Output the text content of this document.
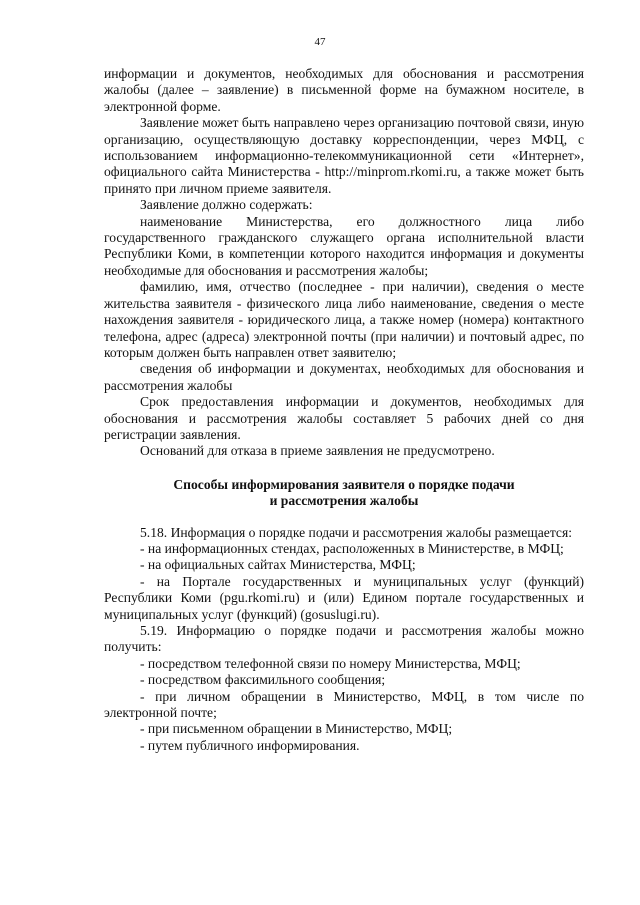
47

информации и документов, необходимых для обоснования и рассмотрения жалобы (далее – заявление) в письменной форме на бумажном носителе, в электронной форме.

Заявление может быть направлено через организацию почтовой связи, иную организацию, осуществляющую доставку корреспонденции, через МФЦ, с использованием информационно-телекоммуникационной сети «Интернет», официального сайта Министерства - http://minprom.rkomi.ru, а также может быть принято при личном приеме заявителя.

Заявление должно содержать:

наименование Министерства, его должностного лица либо государственного гражданского служащего органа исполнительной власти Республики Коми, в компетенции которого находится информация и документы необходимые для обоснования и рассмотрения жалобы;

фамилию, имя, отчество (последнее - при наличии), сведения о месте жительства заявителя - физического лица либо наименование, сведения о месте нахождения заявителя - юридического лица, а также номер (номера) контактного телефона, адрес (адреса) электронной почты (при наличии) и почтовый адрес, по которым должен быть направлен ответ заявителю;

сведения об информации и документах, необходимых для обоснования и рассмотрения жалобы

Срок предоставления информации и документов, необходимых для обоснования и рассмотрения жалобы составляет 5 рабочих дней со дня регистрации заявления.

Оснований для отказа в приеме заявления не предусмотрено.

Способы информирования заявителя о порядке подачи
и рассмотрения жалобы

5.18. Информация о порядке подачи и рассмотрения жалобы размещается:

- на информационных стендах, расположенных в Министерстве, в МФЦ;

- на официальных сайтах Министерства, МФЦ;

- на Портале государственных и муниципальных услуг (функций) Республики Коми (pgu.rkomi.ru) и (или) Едином портале государственных и муниципальных услуг (функций) (gosuslugi.ru).

5.19. Информацию о порядке подачи и рассмотрения жалобы можно получить:

- посредством телефонной связи по номеру Министерства, МФЦ;

- посредством факсимильного сообщения;

- при личном обращении в Министерство, МФЦ, в том числе по электронной почте;

- при письменном обращении в Министерство, МФЦ;

- путем публичного информирования.
